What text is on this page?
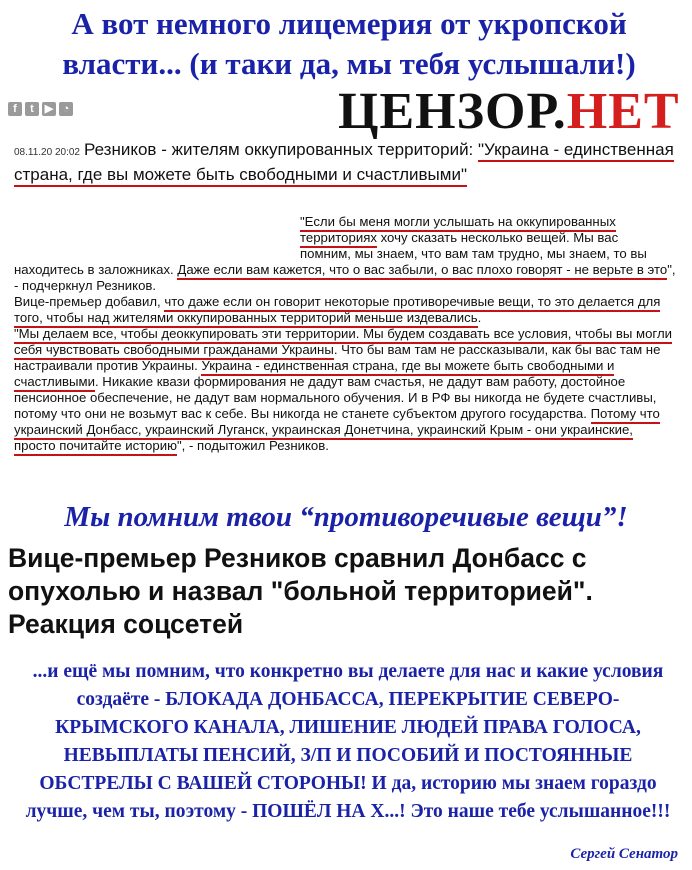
А вот немного лицемерия от укропской власти... (и таки да, мы тебя услышали!)
f	t ▶ ◔	ЦЕНЗОР.НЕТ
08.11.20 20:02 Резников - жителям оккупированных территорий: "Украина - единственная страна, где вы можете быть свободными и счастливыми"
"Если бы меня могли услышать на оккупированных территориях хочу сказать несколько вещей. Мы вас помним, мы знаем, что вам там трудно, мы знаем, то вы

находитесь в заложниках. Даже если вам кажется, что о вас забыли, о вас плохо говорят - не верьте в это", - подчеркнул Резников.

Вице-премьер добавил, что даже если он говорит некоторые противоречивые вещи, то это делается для того, чтобы над жителями оккупированных территорий меньше издевались.

"Мы делаем все, чтобы деоккупировать эти территории. Мы будем создавать все условия, чтобы вы могли себя чувствовать свободными гражданами Украины. Что бы вам там не рассказывали, как бы вас там не настраивали против Украины. Украина - единственная страна, где вы можете быть свободными и счастливыми. Никакие квази формирования не дадут вам счастья, не дадут вам работу, достойное пенсионное обеспечение, не дадут вам нормального обучения. И в РФ вы никогда не будете счастливы, потому что они не возьмут вас к себе. Вы никогда не станете субъектом другого государства. Потому что украинский Донбасс, украинский Луганск, украинская Донетчина, украинский Крым - они украинские, просто почитайте историю", - подытожил Резников.

Мы помним твои “противоречивые вещи”!
Вице-премьер Резников сравнил Донбасс с опухолью и назвал "больной территорией". Реакция соцсетей
...и ещё мы помним, что конкретно вы делаете для нас и какие условия создаёте - БЛОКАДА ДОНБАССА, ПЕРЕКРЫТИЕ СЕВЕРО-КРЫМСКОГО КАНАЛА, ЛИШЕНИЕ ЛЮДЕЙ ПРАВА ГОЛОСА, НЕВЫПЛАТЫ ПЕНСИЙ, З/П И ПОСОБИЙ И ПОСТОЯННЫЕ ОБСТРЕЛЫ С ВАШЕЙ СТОРОНЫ! И да, историю мы знаем гораздо лучше, чем ты, поэтому - ПОШЁЛ НА Х...! Это наше тебе услышанное!!!
Сергей Сенатор
